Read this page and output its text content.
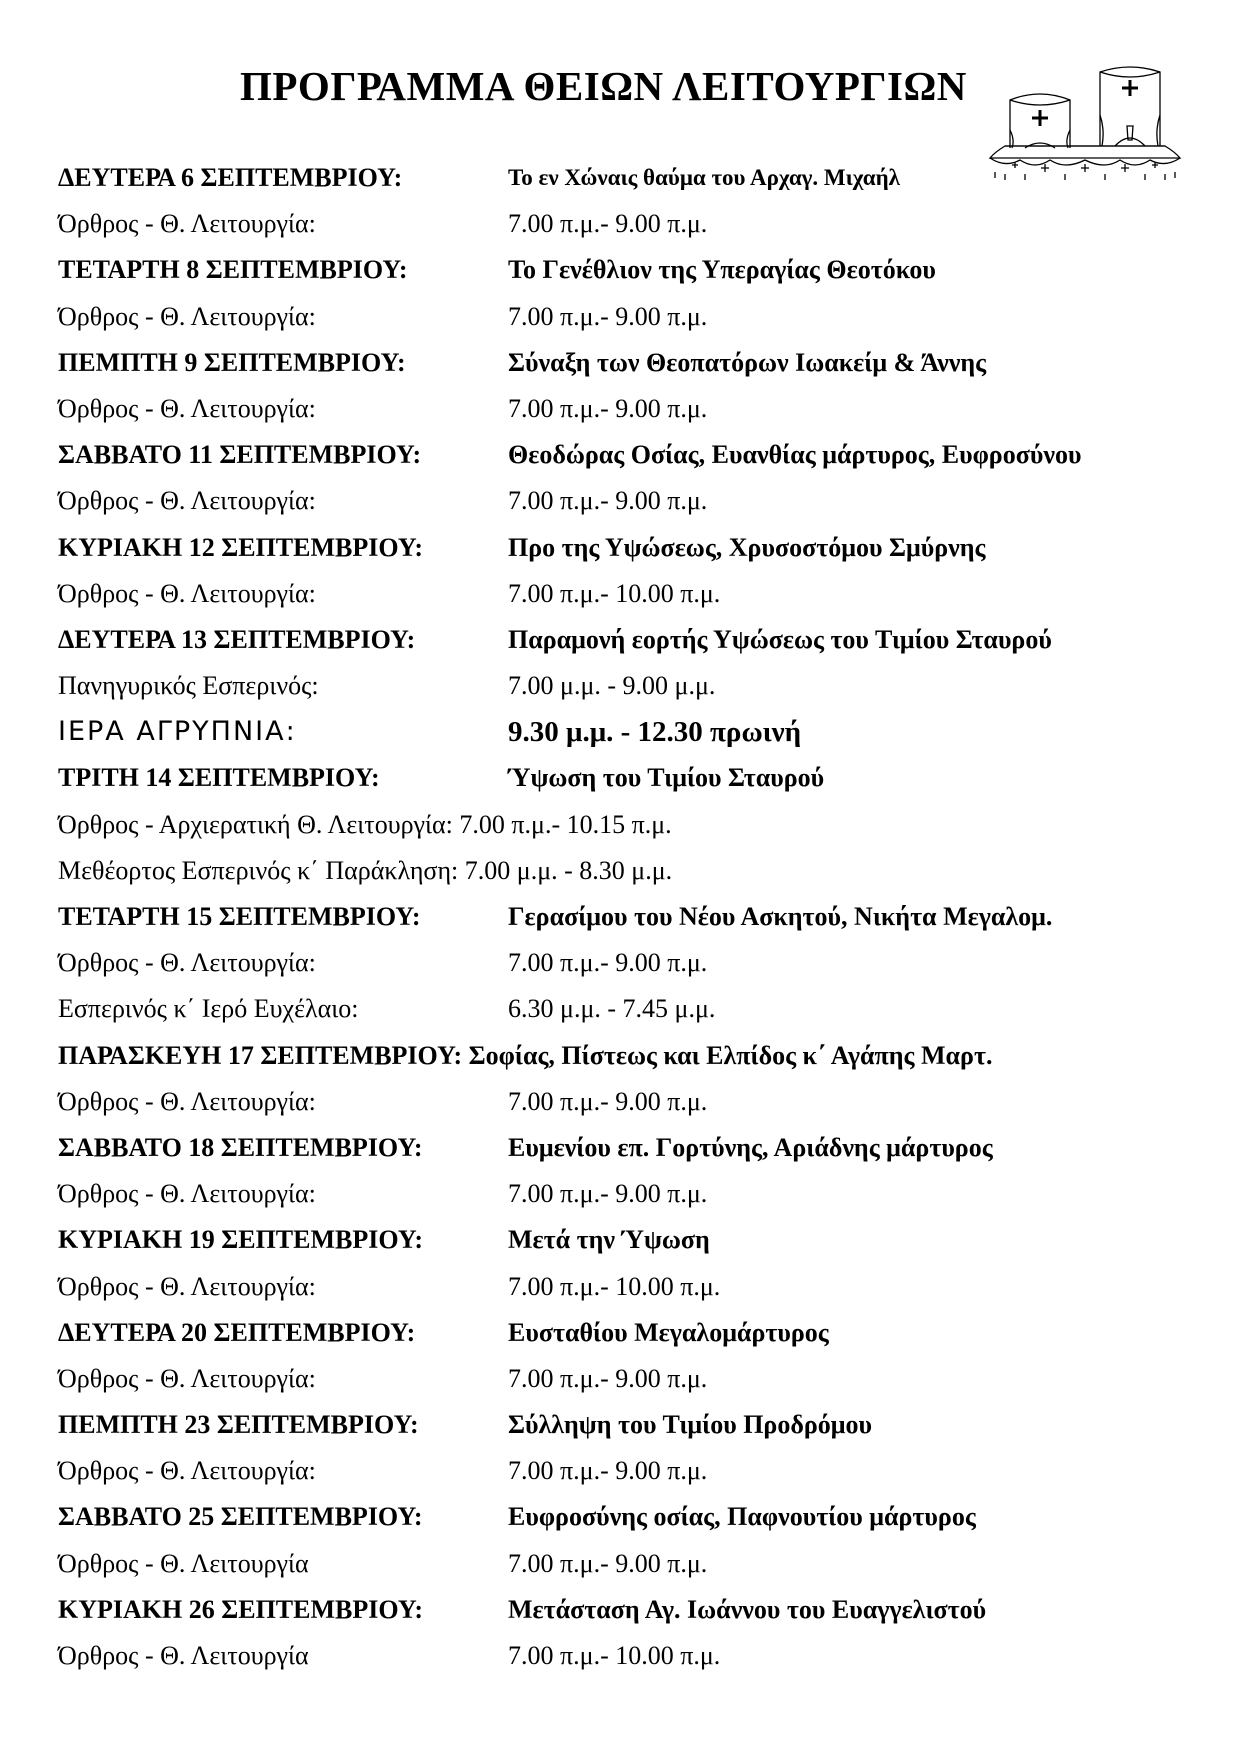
ΠΡΟΓΡΑΜΜΑ ΘΕΙΩΝ ΛΕΙΤΟΥΡΓΙΩΝ
ΔΕΥΤΕΡΑ 6 ΣΕΠΤΕΜΒΡΙΟΥ:	Το εν Χώναις θαύμα του Αρχαγ. Μιχαήλ
Όρθρος - Θ. Λειτουργία:	7.00 π.μ.- 9.00 π.μ.
ΤΕΤΑΡΤΗ 8 ΣΕΠΤΕΜΒΡΙΟΥ:	Το Γενέθλιον της Υπεραγίας Θεοτόκου
Όρθρος - Θ. Λειτουργία:	7.00 π.μ.- 9.00 π.μ.
ΠΕΜΠΤΗ 9 ΣΕΠΤΕΜΒΡΙΟΥ:	Σύναξη των Θεοπατόρων Ιωακείμ & Άννης
Όρθρος - Θ. Λειτουργία:	7.00 π.μ.- 9.00 π.μ.
ΣΑΒΒΑΤΟ 11 ΣΕΠΤΕΜΒΡΙΟΥ:	Θεοδώρας Οσίας, Ευανθίας μάρτυρος, Ευφροσύνου
Όρθρος - Θ. Λειτουργία:	7.00 π.μ.- 9.00 π.μ.
ΚΥΡΙΑΚΗ 12 ΣΕΠΤΕΜΒΡΙΟΥ:	Προ της Υψώσεως, Χρυσοστόμου Σμύρνης
Όρθρος - Θ. Λειτουργία:	7.00 π.μ.- 10.00 π.μ.
ΔΕΥΤΕΡΑ 13 ΣΕΠΤΕΜΒΡΙΟΥ:	Παραμονή εορτής Υψώσεως του Τιμίου Σταυρού
Πανηγυρικός Εσπερινός:	7.00 μ.μ. - 9.00 μ.μ.
ΙΕΡΑ ΑΓΡΥΠΝΙΑ:	9.30 μ.μ. - 12.30 πρωινή
ΤΡΙΤΗ 14 ΣΕΠΤΕΜΒΡΙΟΥ:	Ύψωση του Τιμίου Σταυρού
Όρθρος - Αρχιερατική Θ. Λειτουργία: 7.00 π.μ.- 10.15 π.μ.
Μεθέορτος Εσπερινός κ΄ Παράκληση: 7.00 μ.μ. - 8.30 μ.μ.
ΤΕΤΑΡΤΗ 15 ΣΕΠΤΕΜΒΡΙΟΥ:	Γερασίμου του Νέου Ασκητού, Νικήτα Μεγαλομ.
Όρθρος - Θ. Λειτουργία:	7.00 π.μ.- 9.00 π.μ.
Εσπερινός κ΄ Ιερό Ευχέλαιο:	6.30 μ.μ. - 7.45 μ.μ.
ΠΑΡΑΣΚΕΥΗ 17 ΣΕΠΤΕΜΒΡΙΟΥ: Σοφίας, Πίστεως και Ελπίδος κ΄ Αγάπης Μαρτ.
Όρθρος - Θ. Λειτουργία:	7.00 π.μ.- 9.00 π.μ.
ΣΑΒΒΑΤΟ 18 ΣΕΠΤΕΜΒΡΙΟΥ:	Ευμενίου επ. Γορτύνης, Αριάδνης μάρτυρος
Όρθρος - Θ. Λειτουργία:	7.00 π.μ.- 9.00 π.μ.
ΚΥΡΙΑΚΗ 19 ΣΕΠΤΕΜΒΡΙΟΥ:	Μετά την Ύψωση
Όρθρος - Θ. Λειτουργία:	7.00 π.μ.- 10.00 π.μ.
ΔΕΥΤΕΡΑ 20 ΣΕΠΤΕΜΒΡΙΟΥ:	Ευσταθίου Μεγαλομάρτυρος
Όρθρος - Θ. Λειτουργία:	7.00 π.μ.- 9.00 π.μ.
ΠΕΜΠΤΗ 23 ΣΕΠΤΕΜΒΡΙΟΥ:	Σύλληψη του Τιμίου Προδρόμου
Όρθρος - Θ. Λειτουργία:	7.00 π.μ.- 9.00 π.μ.
ΣΑΒΒΑΤΟ 25 ΣΕΠΤΕΜΒΡΙΟΥ:	Ευφροσύνης οσίας, Παφνουτίου μάρτυρος
Όρθρος - Θ. Λειτουργία	7.00 π.μ.- 9.00 π.μ.
ΚΥΡΙΑΚΗ 26 ΣΕΠΤΕΜΒΡΙΟΥ:	Μετάσταση Αγ. Ιωάννου του Ευαγγελιστού
Όρθρος - Θ. Λειτουργία	7.00 π.μ.- 10.00 π.μ.
